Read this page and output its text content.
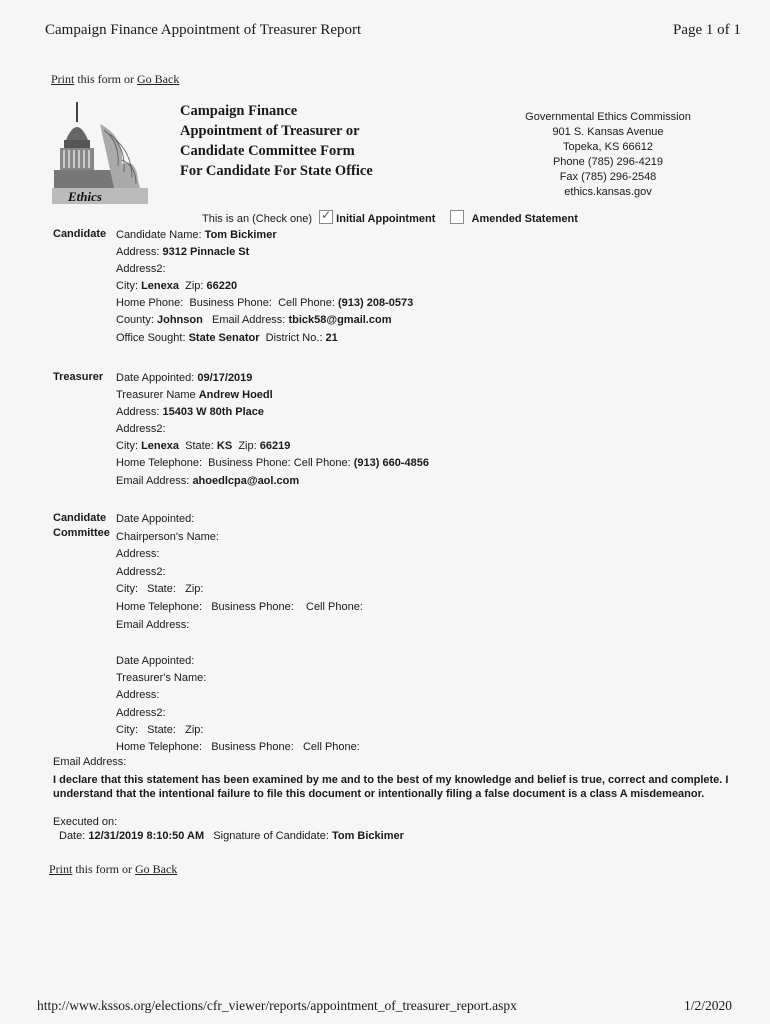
Campaign Finance Appointment of Treasurer Report	Page 1 of 1
Print this form or Go Back
Ethics
Campaign Finance
Appointment of Treasurer or
Candidate Committee Form
For Candidate For State Office
Governmental Ethics Commission
901 S. Kansas Avenue
Topeka, KS 66612
Phone (785) 296-4219
Fax (785) 296-2548
ethics.kansas.gov
This is an (Check one) ✓ Initial Appointment	Amended Statement
Candidate Candidate Name: Tom Bickimer
Address: 9312 Pinnacle St
Address2:
City: Lenexa Zip: 66220
Home Phone: Business Phone: Cell Phone: (913) 208-0573
County: Johnson Email Address: tbick58@gmail.com
Office Sought: State Senator District No.: 21
Treasurer Date Appointed: 09/17/2019
Treasurer Name Andrew Hoedl
Address: 15403 W 80th Place
Address2:
City: Lenexa State: KS Zip: 66219
Home Telephone: Business Phone: Cell Phone: (913) 660-4856
Email Address: ahoedlcpa@aol.com
Candidate
Committee
Date Appointed:
Chairperson's Name:
Address:
Address2:
City: State: Zip:
Home Telephone: Business Phone: Cell Phone:
Email Address:
Date Appointed:
Treasurer's Name:
Address:
Address2:
City: State: Zip:
Home Telephone: Business Phone: Cell Phone:
Email Address:
I declare that this statement has been examined by me and to the best of my knowledge and belief is true, correct and complete. I understand that the intentional failure to file this document or intentionally filing a false document is a class A misdemeanor.
Executed on:
Date: 12/31/2019 8:10:50 AM Signature of Candidate: Tom Bickimer
Print this form or Go Back
http://www.kssos.org/elections/cfr_viewer/reports/appointment_of_treasurer_report.aspx	1/2/2020
